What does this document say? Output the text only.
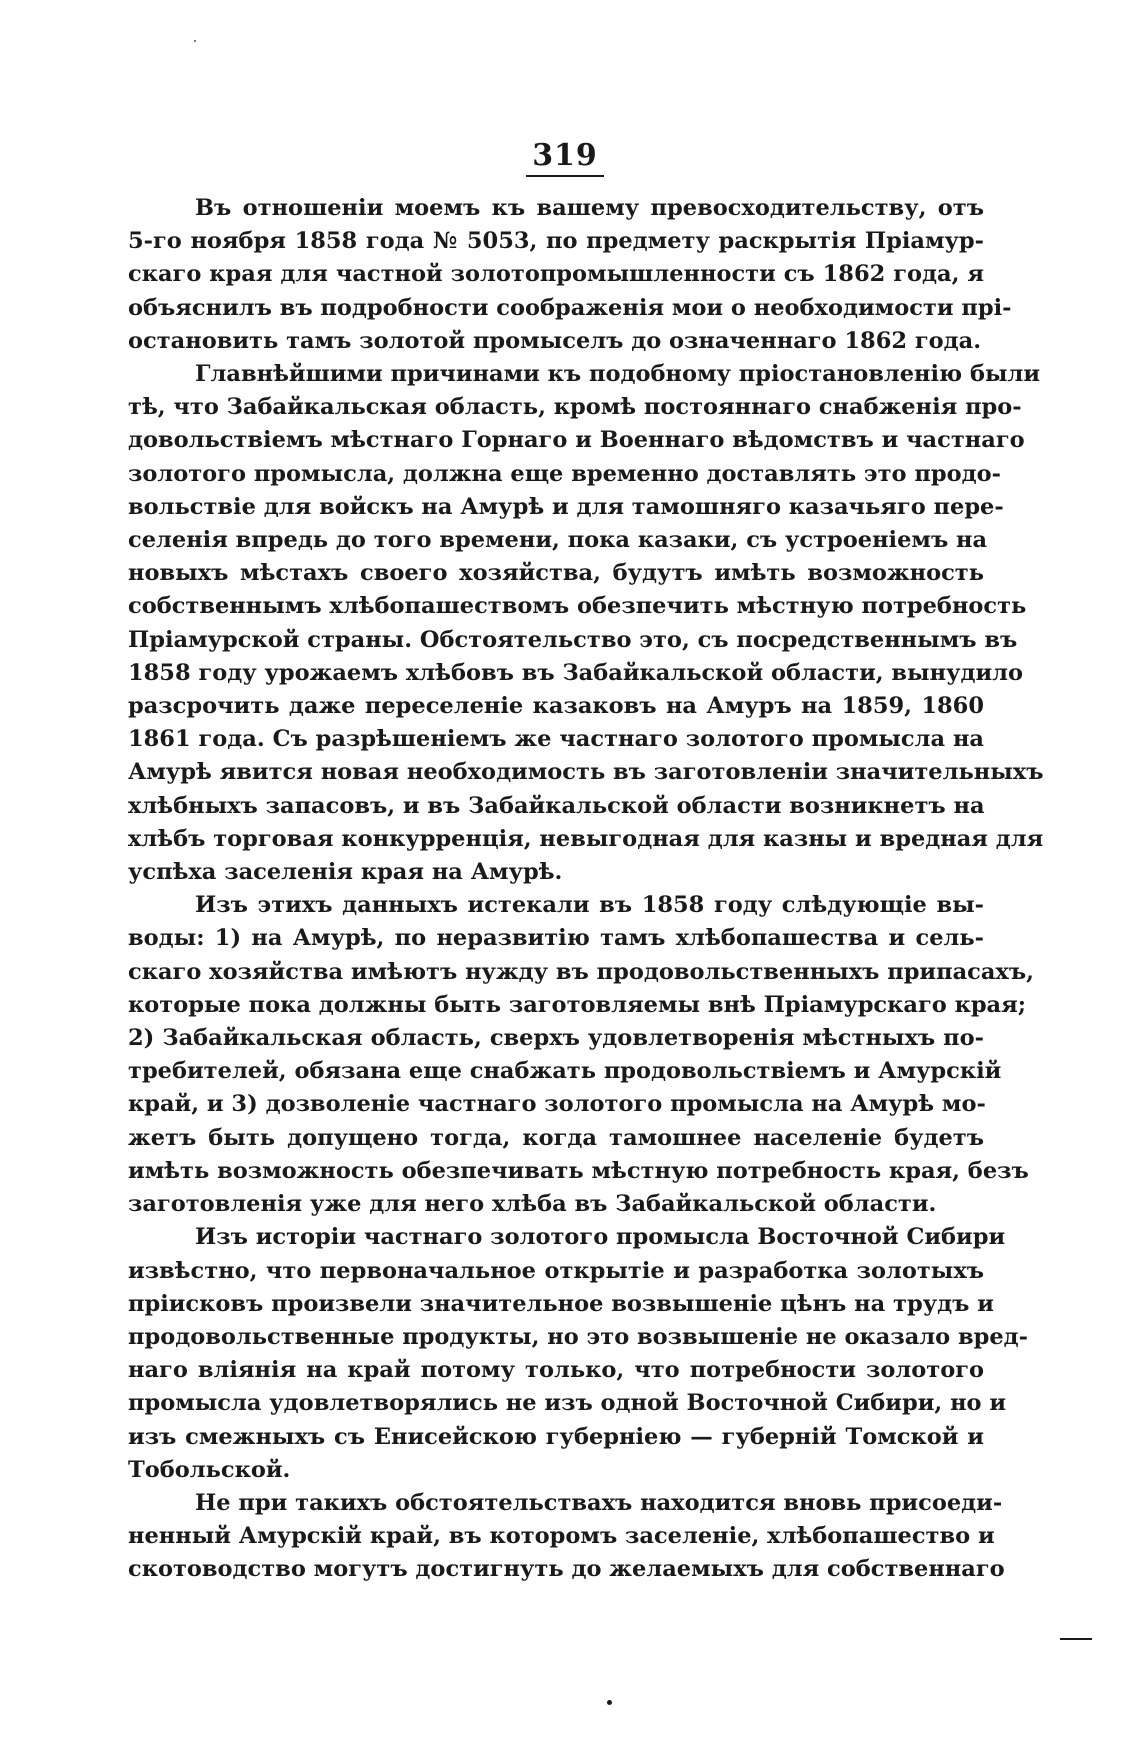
319
Въ отношеніи моемъ къ вашему превосходительству, отъ
5-го ноября 1858 года № 5053, по предмету раскрытія Пріамур-
скаго края для частной золотопромышленности съ 1862 года, я
объяснилъ въ подробности соображенія мои о необходимости прі-
остановить тамъ золотой промыселъ до означеннаго 1862 года.
Главнѣйшими причинами къ подобному пріостановленію были
тѣ, что Забайкальская область, кромѣ постояннаго снабженія про-
довольствіемъ мѣстнаго Горнаго и Военнаго вѣдомствъ и частнаго
золотого промысла, должна еще временно доставлять это продо-
вольствіе для войскъ на Амурѣ и для тамошняго казачьяго пере-
селенія впредь до того времени, пока казаки, съ устроеніемъ на
новыхъ мѣстахъ своего хозяйства, будутъ имѣть возможность
собственнымъ хлѣбопашествомъ обезпечить мѣстную потребность
Пріамурской страны. Обстоятельство это, съ посредственнымъ въ
1858 году урожаемъ хлѣбовъ въ Забайкальской области, вынудило
разсрочить даже переселеніе казаковъ на Амуръ на 1859, 1860
1861 года. Съ разрѣшеніемъ же частнаго золотого промысла на
Амурѣ явится новая необходимость въ заготовленіи значительныхъ
хлѣбныхъ запасовъ, и въ Забайкальской области возникнетъ на
хлѣбъ торговая конкурренція, невыгодная для казны и вредная для
успѣха заселенія края на Амурѣ.
Изъ этихъ данныхъ истекали въ 1858 году слѣдующіе вы-
воды: 1) на Амурѣ, по неразвитію тамъ хлѣбопашества и сель-
скаго хозяйства имѣютъ нужду въ продовольственныхъ припасахъ,
которые пока должны быть заготовляемы внѣ Пріамурскаго края;
2) Забайкальская область, сверхъ удовлетворенія мѣстныхъ по-
требителей, обязана еще снабжать продовольствіемъ и Амурскій
край, и 3) дозволеніе частнаго золотого промысла на Амурѣ мо-
жетъ быть допущено тогда, когда тамошнее населеніе будетъ
имѣть возможность обезпечивать мѣстную потребность края, безъ
заготовленія уже для него хлѣба въ Забайкальской области.
Изъ исторіи частнаго золотого промысла Восточной Сибири
извѣстно, что первоначальное открытіе и разработка золотыхъ
пріисковъ произвели значительное возвышеніе цѣнъ на трудъ и
продовольственные продукты, но это возвышеніе не оказало вред-
наго вліянія на край потому только, что потребности золотого
промысла удовлетворялись не изъ одной Восточной Сибири, но и
изъ смежныхъ съ Енисейскою губерніею — губерній Томской и
Тобольской.
Не при такихъ обстоятельствахъ находится вновь присоеди-
ненный Амурскій край, въ которомъ заселеніе, хлѣбопашество и
скотоводство могутъ достигнуть до желаемыхъ для собственнаго
